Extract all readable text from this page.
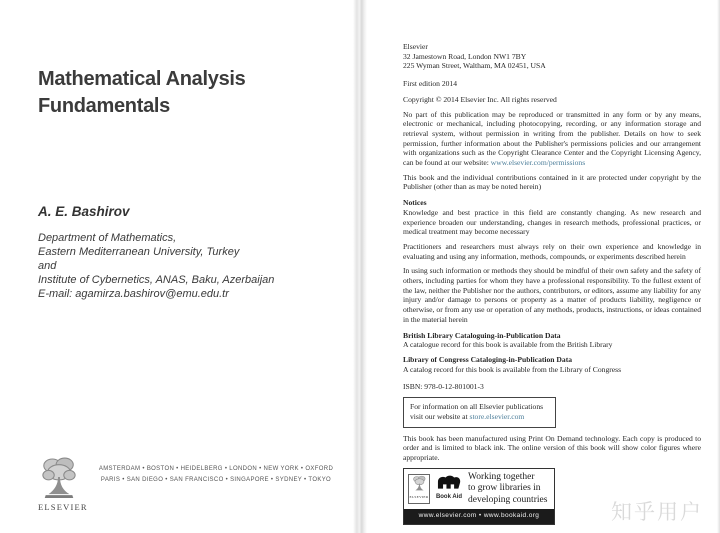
Mathematical Analysis
Fundamentals
A. E. Bashirov
Department of Mathematics,
Eastern Mediterranean University, Turkey
and
Institute of Cybernetics, ANAS, Baku, Azerbaijan
E-mail: agamirza.bashirov@emu.edu.tr
ELSEVIER
AMSTERDAM • BOSTON • HEIDELBERG • LONDON • NEW YORK • OXFORD
PARIS • SAN DIEGO • SAN FRANCISCO • SINGAPORE • SYDNEY • TOKYO
Elsevier
32 Jamestown Road, London NW1 7BY
225 Wyman Street, Waltham, MA 02451, USA

First edition 2014

Copyright © 2014 Elsevier Inc. All rights reserved

No part of this publication may be reproduced or transmitted in any form or by any means, electronic or mechanical, including photocopying, recording, or any information storage and retrieval system, without permission in writing from the publisher. Details on how to seek permission, further information about the Publisher's permissions policies and our arrangement with organizations such as the Copyright Clearance Center and the Copyright Licensing Agency, can be found at our website: www.elsevier.com/permissions

This book and the individual contributions contained in it are protected under copyright by the Publisher (other than as may be noted herein)

Notices

Knowledge and best practice in this field are constantly changing. As new research and experience broaden our understanding, changes in research methods, professional practices, or medical treatment may become necessary

Practitioners and researchers must always rely on their own experience and knowledge in evaluating and using any information, methods, compounds, or experiments described herein

In using such information or methods they should be mindful of their own safety and the safety of others, including parties for whom they have a professional responsibility. To the fullest extent of the law, neither the Publisher nor the authors, contributors, or editors, assume any liability for any injury and/or damage to persons or property as a matter of products liability, negligence or otherwise, or from any use or operation of any methods, products, instructions, or ideas contained in the material herein

British Library Cataloguing-in-Publication Data
A catalogue record for this book is available from the British Library
Library of Congress Cataloging-in-Publication Data
A catalog record for this book is available from the Library of Congress

ISBN: 978-0-12-801001-3

For information on all Elsevier publications
visit our website at store.elsevier.com

This book has been manufactured using Print On Demand technology. Each copy is produced to order and is limited to black ink. The online version of this book will show color figures where appropriate.

ELSEVIER	Book Aid
Working together
to grow libraries in
developing countries
www.elsevier.com • www.bookaid.org	知乎用户
